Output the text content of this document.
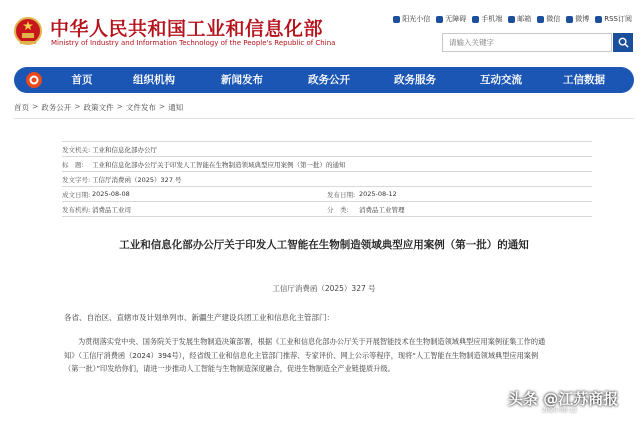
中华人民共和国工业和信息化部
Ministry of Industry and Information Technology of the People's Republic of China
阳光小信 无障碍 手机端 邮箱 微信 微博 RSS订阅
请输入关键字
首页	组织机构	新闻发布	政务公开	政务服务	互动交流	工信数据
首页 > 政务公开 > 政策文件 > 文件发布 > 通知
发文机关: 工业和信息化部办公厅
标　题:	工业和信息化部办公厅关于印发人工智能在生物制造领域典型应用案例（第一批）的通知
发文字号: 工信厅消费函（2025）327 号
成文日期: 2025-08-08	发布日期: 2025-08-12
发布机构: 消费品工业司	分　类:	消费品工业管理
工业和信息化部办公厅关于印发人工智能在生物制造领域典型应用案例（第一批）的通知
工信厅消费函（2025）327 号
各省、自治区、直辖市及计划单列市、新疆生产建设兵团工业和信息化主管部门：
为贯彻落实党中央、国务院关于发展生物制造决策部署，根据《工业和信息化部办公厅关于开展智能技术在生物制造领域典型应用案例征集工作的通
知》（工信厅消费函（2024）394号），经省级工业和信息化主管部门推荐、专家评价、网上公示等程序，现将“人工智能在生物制造领域典型应用案例
（第一批）”印发给你们，请进一步推动人工智能与生物制造深度融合，促进生物制造全产业链提质升级。
头条 @江苏商报
2025-08-12
